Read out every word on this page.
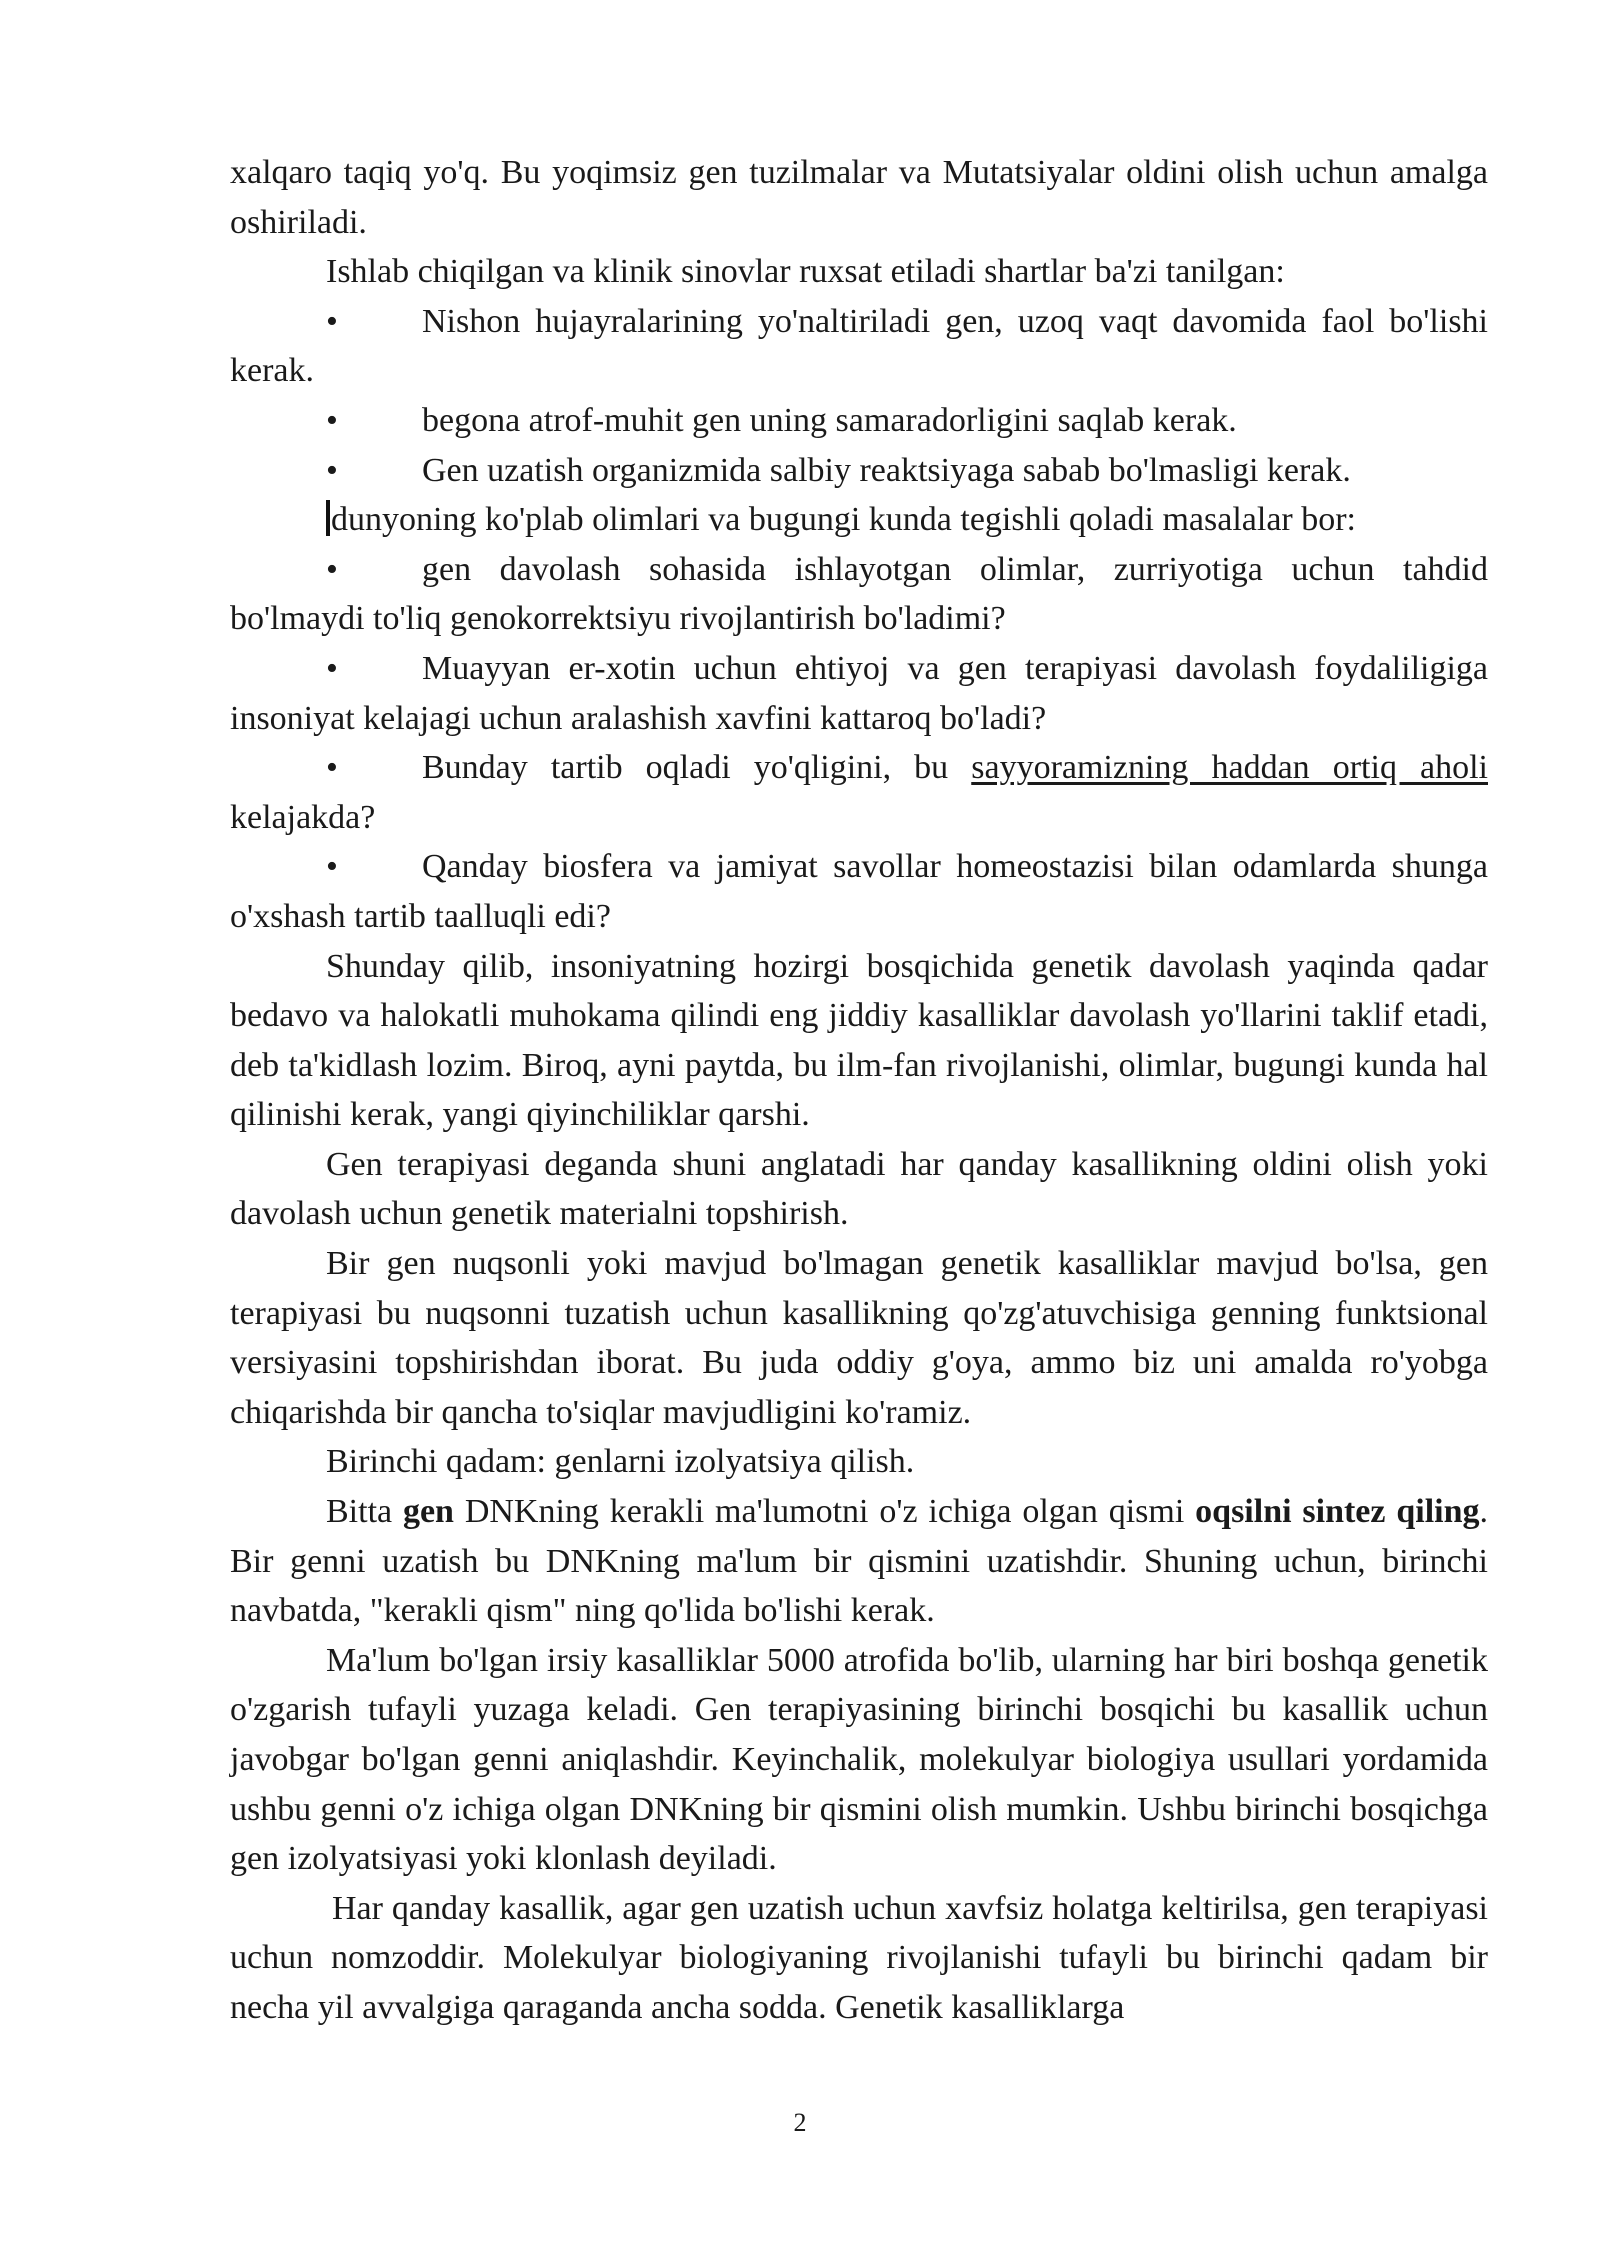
xalqaro taqiq yo'q. Bu yoqimsiz gen tuzilmalar va Mutatsiyalar oldini olish uchun amalga oshiriladi.

Ishlab chiqilgan va klinik sinovlar ruxsat etiladi shartlar ba'zi tanilgan:

• Nishon hujayralarining yo'naltiriladi gen, uzoq vaqt davomida faol bo'lishi kerak.

• begona atrof-muhit gen uning samaradorligini saqlab kerak.

• Gen uzatish organizmida salbiy reaktsiyaga sabab bo'lmasligi kerak.

dunyoning ko'plab olimlari va bugungi kunda tegishli qoladi masalalar bor:

• gen davolash sohasida ishlayotgan olimlar, zurriyotiga uchun tahdid bo'lmaydi to'liq genokorrektsiyu rivojlantirish bo'ladimi?

• Muayyan er-xotin uchun ehtiyoj va gen terapiyasi davolash foydaliligiga insoniyat kelajagi uchun aralashish xavfini kattaroq bo'ladi?

• Bunday tartib oqladi yo'qligini, bu sayyoramizning haddan ortiq aholi kelajakda?

• Qanday biosfera va jamiyat savollar homeostazisi bilan odamlarda shunga o'xshash tartib taalluqli edi?

Shunday qilib, insoniyatning hozirgi bosqichida genetik davolash yaqinda qadar bedavo va halokatli muhokama qilindi eng jiddiy kasalliklar davolash yo'llarini taklif etadi, deb ta'kidlash lozim. Biroq, ayni paytda, bu ilm-fan rivojlanishi, olimlar, bugungi kunda hal qilinishi kerak, yangi qiyinchiliklar qarshi.

Gen terapiyasi deganda shuni anglatadi har qanday kasallikning oldini olish yoki davolash uchun genetik materialni topshirish.

Bir gen nuqsonli yoki mavjud bo'lmagan genetik kasalliklar mavjud bo'lsa, gen terapiyasi bu nuqsonni tuzatish uchun kasallikning qo'zg'atuvchisiga genning funktsional versiyasini topshirishdan iborat. Bu juda oddiy g'oya, ammo biz uni amalda ro'yobga chiqarishda bir qancha to'siqlar mavjudligini ko'ramiz.

Birinchi qadam: genlarni izolyatsiya qilish.

Bitta gen DNKning kerakli ma'lumotni o'z ichiga olgan qismi oqsilni sintez qiling. Bir genni uzatish bu DNKning ma'lum bir qismini uzatishdir. Shuning uchun, birinchi navbatda, "kerakli qism" ning qo'lida bo'lishi kerak.

Ma'lum bo'lgan irsiy kasalliklar 5000 atrofida bo'lib, ularning har biri boshqa genetik o'zgarish tufayli yuzaga keladi. Gen terapiyasining birinchi bosqichi bu kasallik uchun javobgar bo'lgan genni aniqlashdir. Keyinchalik, molekulyar biologiya usullari yordamida ushbu genni o'z ichiga olgan DNKning bir qismini olish mumkin. Ushbu birinchi bosqichga gen izolyatsiyasi yoki klonlash deyiladi.

Har qanday kasallik, agar gen uzatish uchun xavfsiz holatga keltirilsa, gen terapiyasi uchun nomzoddir. Molekulyar biologiyaning rivojlanishi tufayli bu birinchi qadam bir necha yil avvalgiga qaraganda ancha sodda. Genetik kasalliklarga

2
